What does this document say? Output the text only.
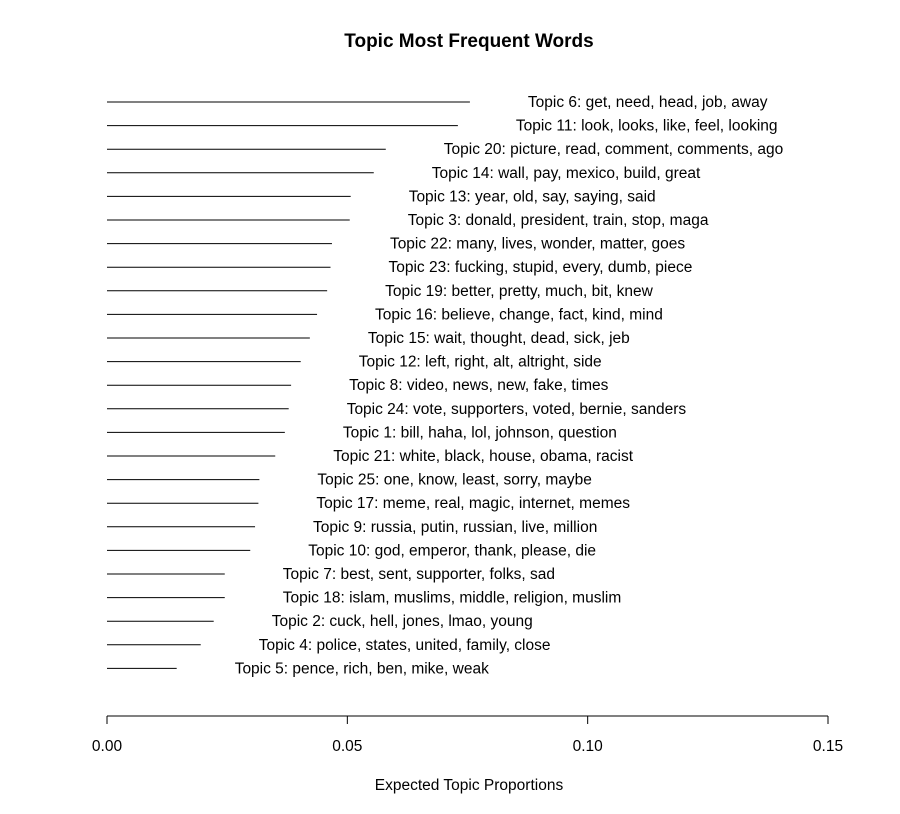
Topic Most Frequent Words
Topic 6: get, need, head, job, away
Topic 11: look, looks, like, feel, looking
Topic 20: picture, read, comment, comments, ago
Topic 14: wall, pay, mexico, build, great
Topic 13: year, old, say, saying, said
Topic 3: donald, president, train, stop, maga
Topic 22: many, lives, wonder, matter, goes
Topic 23: fucking, stupid, every, dumb, piece
Topic 19: better, pretty, much, bit, knew
Topic 16: believe, change, fact, kind, mind
Topic 15: wait, thought, dead, sick, jeb
Topic 12: left, right, alt, altright, side
Topic 8: video, news, new, fake, times
Topic 24: vote, supporters, voted, bernie, sanders
Topic 1: bill, haha, lol, johnson, question
Topic 21: white, black, house, obama, racist
Topic 25: one, know, least, sorry, maybe
Topic 17: meme, real, magic, internet, memes
Topic 9: russia, putin, russian, live, million
Topic 10: god, emperor, thank, please, die
Topic 7: best, sent, supporter, folks, sad
Topic 18: islam, muslims, middle, religion, muslim
Topic 2: cuck, hell, jones, lmao, young
Topic 4: police, states, united, family, close
Topic 5: pence, rich, ben, mike, weak
0.00	0.05	0.10	0.15
Expected Topic Proportions
